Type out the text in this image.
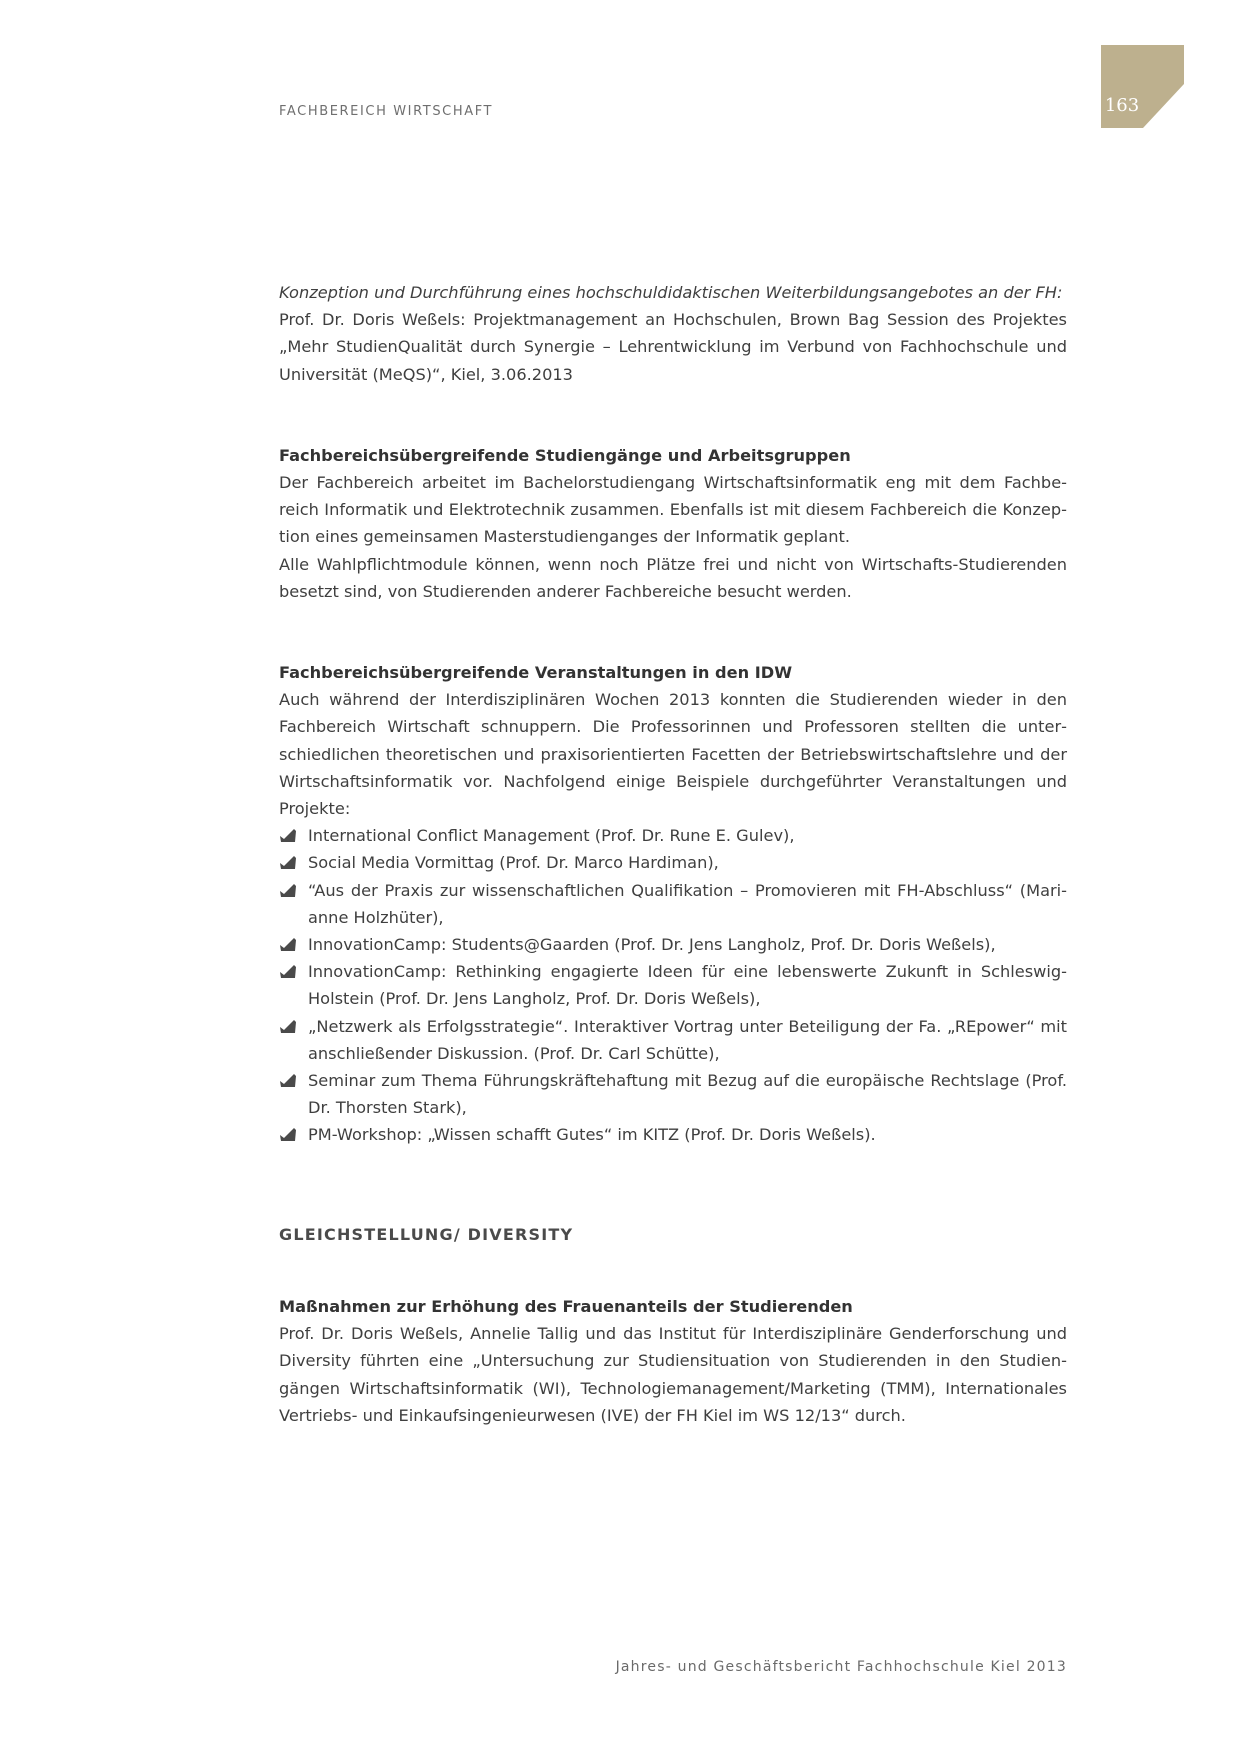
FACHBEREICH WIRTSCHAFT	163

Konzeption und Durchführung eines hochschuldidaktischen Weiterbildungsangebotes an der FH:

Prof. Dr. Doris Weßels: Projektmanagement an Hochschulen, Brown Bag Session des Projektes „Mehr StudienQualität durch Synergie – Lehrentwicklung im Verbund von Fachhochschule und Universität (MeQS)“, Kiel, 3.06.2013

Fachbereichsübergreifende Studiengänge und Arbeitsgruppen

Der Fachbereich arbeitet im Bachelorstudiengang Wirtschaftsinformatik eng mit dem Fachbereich Informatik und Elektrotechnik zusammen. Ebenfalls ist mit diesem Fachbereich die Konzeption eines gemeinsamen Masterstudienganges der Informatik geplant.

Alle Wahlpflichtmodule können, wenn noch Plätze frei und nicht von Wirtschafts-Studierenden besetzt sind, von Studierenden anderer Fachbereiche besucht werden.

Fachbereichsübergreifende Veranstaltungen in den IDW

Auch während der Interdisziplinären Wochen 2013 konnten die Studierenden wieder in den Fachbereich Wirtschaft schnuppern. Die Professorinnen und Professoren stellten die unterschiedlichen theoretischen und praxisorientierten Facetten der Betriebswirtschaftslehre und der Wirtschaftsinformatik vor. Nachfolgend einige Beispiele durchgeführter Veranstaltungen und Projekte:

International Conflict Management (Prof. Dr. Rune E. Gulev),
Social Media Vormittag (Prof. Dr. Marco Hardiman),
“Aus der Praxis zur wissenschaftlichen Qualifikation – Promovieren mit FH-Abschluss“ (Marianne Holzhüter),
InnovationCamp: Students@Gaarden (Prof. Dr. Jens Langholz, Prof. Dr. Doris Weßels),
InnovationCamp: Rethinking engagierte Ideen für eine lebenswerte Zukunft in Schleswig-Holstein (Prof. Dr. Jens Langholz, Prof. Dr. Doris Weßels),
„Netzwerk als Erfolgsstrategie“. Interaktiver Vortrag unter Beteiligung der Fa. „REpower“ mit anschließender Diskussion. (Prof. Dr. Carl Schütte),
Seminar zum Thema Führungskräftehaftung mit Bezug auf die europäische Rechtslage (Prof. Dr. Thorsten Stark),
PM-Workshop: „Wissen schafft Gutes“ im KITZ (Prof. Dr. Doris Weßels).

GLEICHSTELLUNG/ DIVERSITY

Maßnahmen zur Erhöhung des Frauenanteils der Studierenden

Prof. Dr. Doris Weßels, Annelie Tallig und das Institut für Interdisziplinäre Genderforschung und Diversity führten eine „Untersuchung zur Studiensituation von Studierenden in den Studiengängen Wirtschaftsinformatik (WI), Technologiemanagement/Marketing (TMM), Internationales Vertriebs- und Einkaufsingenieurwesen (IVE) der FH Kiel im WS 12/13“ durch.

Jahres- und Geschäftsbericht Fachhochschule Kiel 2013
